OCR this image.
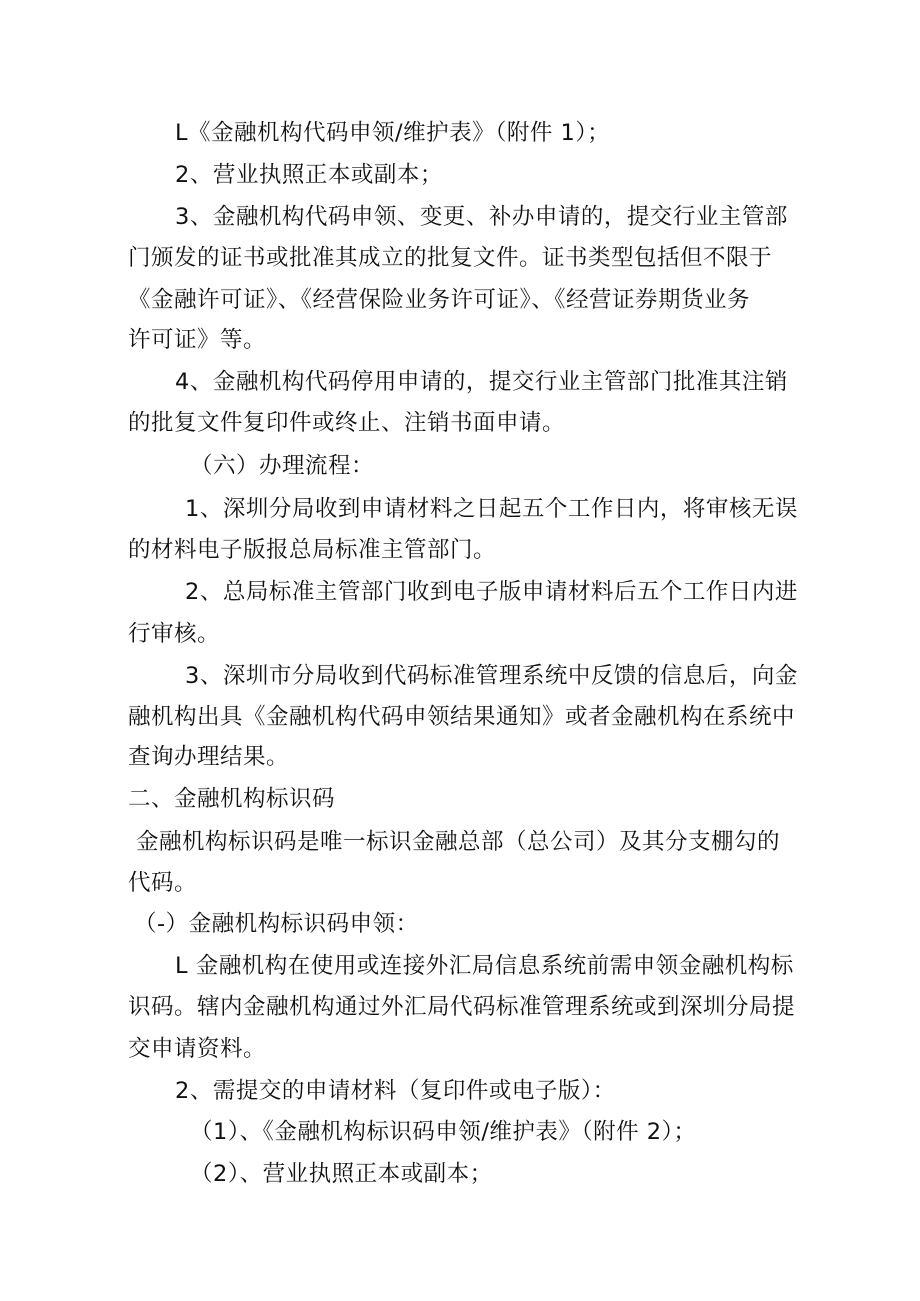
L《金融机构代码申领/维护表》（附件 1）；
2、营业执照正本或副本；
3、金融机构代码申领、变更、补办申请的，提交行业主管部
门颁发的证书或批准其成立的批复文件。证书类型包括但不限于
《金融许可证》、《经营保险业务许可证》、《经营证券期货业务
许可证》等。
4、金融机构代码停用申请的，提交行业主管部门批准其注销
的批复文件复印件或终止、注销书面申请。
（六）办理流程：
1、深圳分局收到申请材料之日起五个工作日内，将审核无误
的材料电子版报总局标准主管部门。
2、总局标准主管部门收到电子版申请材料后五个工作日内进
行审核。
3、深圳市分局收到代码标准管理系统中反馈的信息后，向金
融机构出具《金融机构代码申领结果通知》或者金融机构在系统中
查询办理结果。
二、金融机构标识码
金融机构标识码是唯一标识金融总部（总公司）及其分支棚勾的
代码。
（-）金融机构标识码申领：
L 金融机构在使用或连接外汇局信息系统前需申领金融机构标
识码。辖内金融机构通过外汇局代码标准管理系统或到深圳分局提
交申请资料。
2、需提交的申请材料（复印件或电子版）：
（1）、《金融机构标识码申领/维护表》（附件 2）；
（2）、营业执照正本或副本；
